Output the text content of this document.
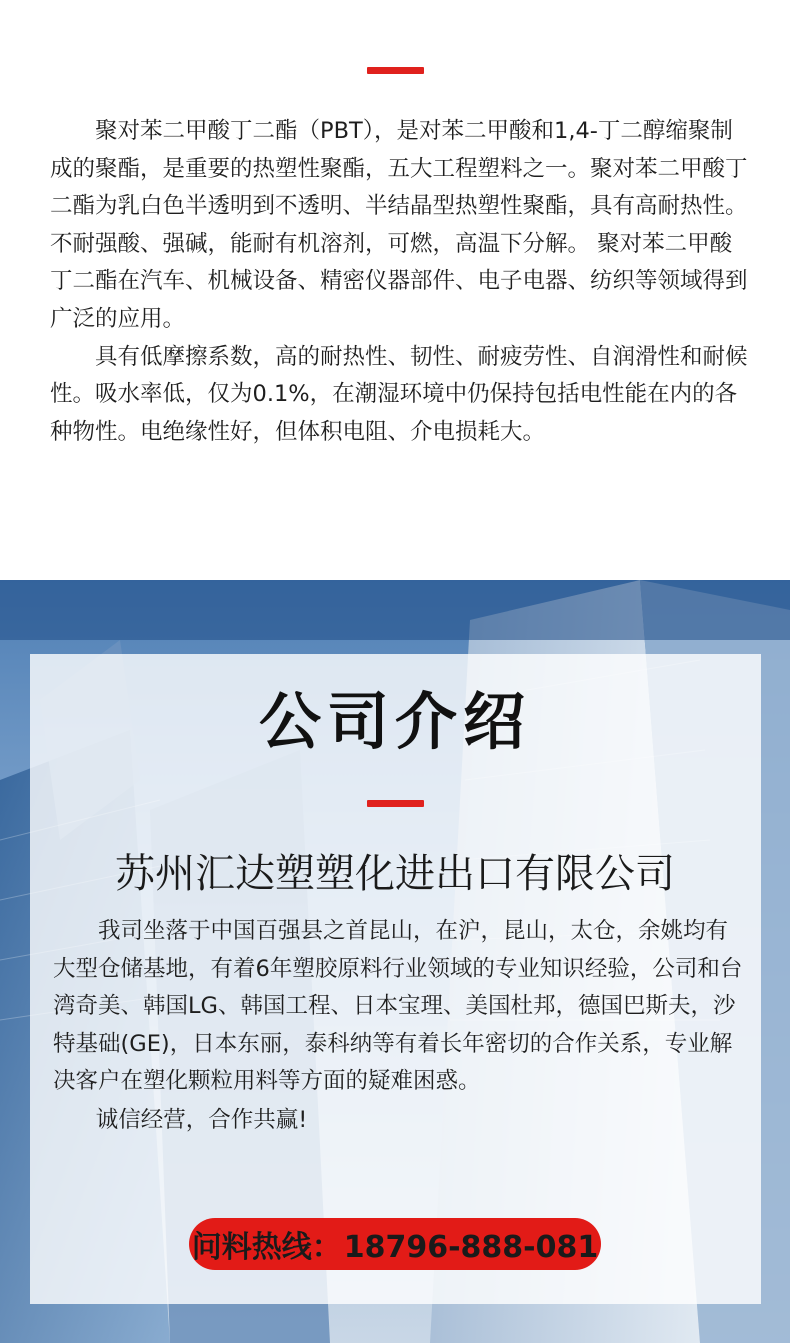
聚对苯二甲酸丁二酯（PBT），是对苯二甲酸和1,4-丁二醇缩聚制成的聚酯，是重要的热塑性聚酯，五大工程塑料之一。聚对苯二甲酸丁二酯为乳白色半透明到不透明、半结晶型热塑性聚酯，具有高耐热性。不耐强酸、强碱，能耐有机溶剂，可燃，高温下分解。 聚对苯二甲酸丁二酯在汽车、机械设备、精密仪器部件、电子电器、纺织等领域得到广泛的应用。

具有低摩擦系数，高的耐热性、韧性、耐疲劳性、自润滑性和耐候性。吸水率低，仅为0.1%，在潮湿环境中仍保持包括电性能在内的各种物性。电绝缘性好，但体积电阻、介电损耗大。

公司介绍
苏州汇达塑塑化进出口有限公司

我司坐落于中国百强县之首昆山，在沪，昆山，太仓，余姚均有大型仓储基地，有着6年塑胶原料行业领域的专业知识经验，公司和台湾奇美、韩国LG、韩国工程、日本宝理、美国杜邦，德国巴斯夫，沙特基础(GE)，日本东丽，泰科纳等有着长年密切的合作关系，专业解决客户在塑化颗粒用料等方面的疑难困惑。

诚信经营，合作共赢!

问料热线：18796-888-081
